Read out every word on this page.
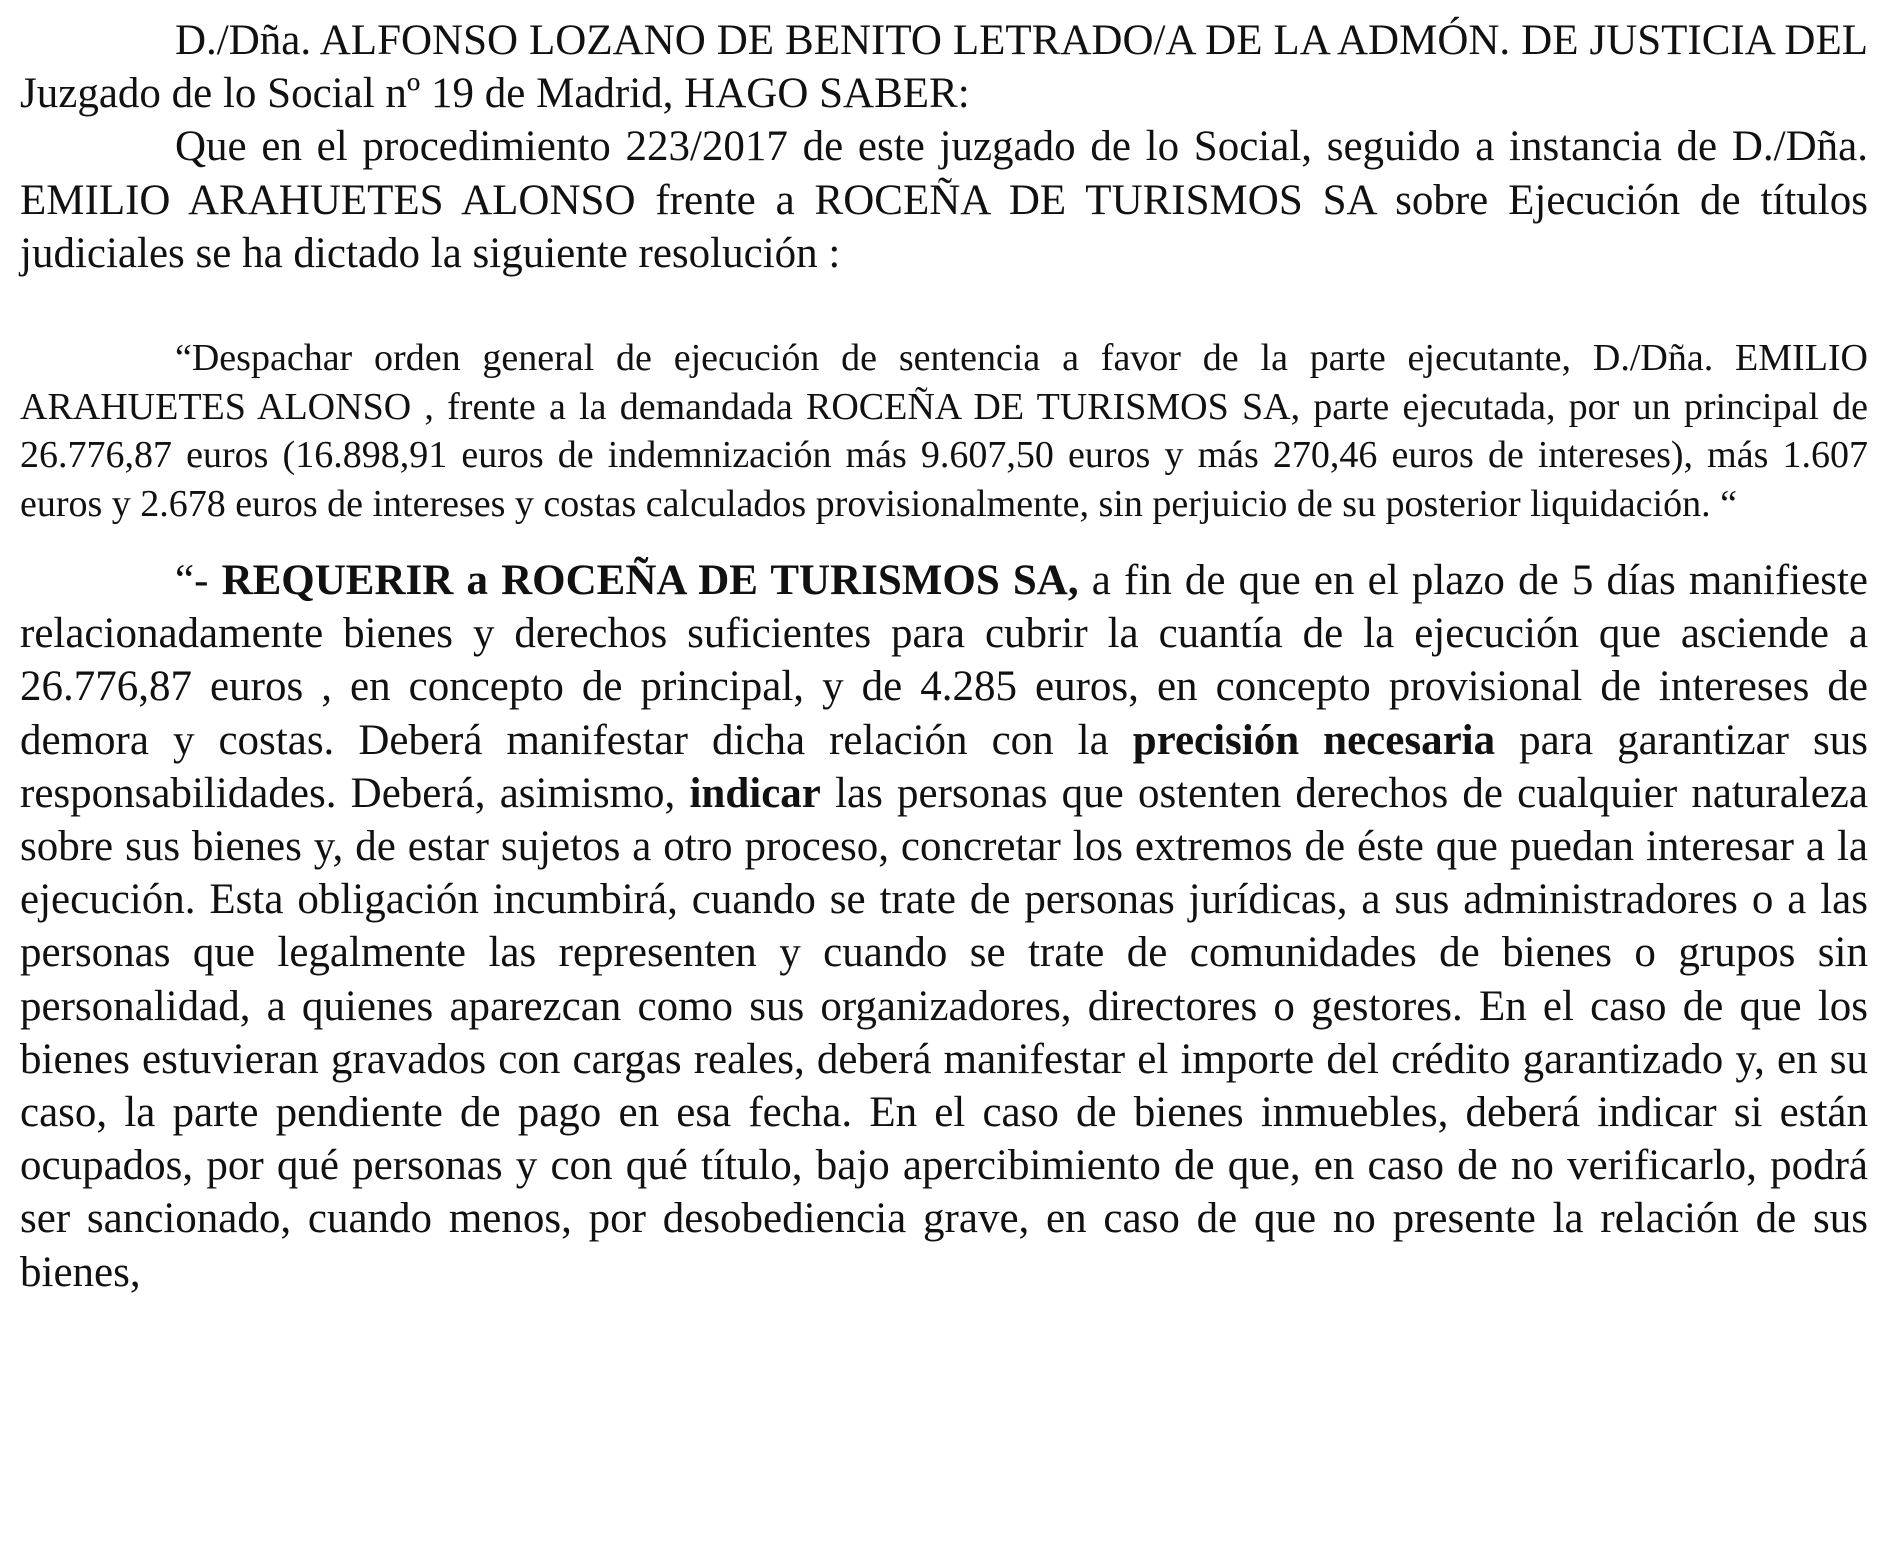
D./Dña. ALFONSO LOZANO DE BENITO LETRADO/A DE LA ADMÓN. DE JUSTICIA DEL Juzgado de lo Social nº 19 de Madrid, HAGO SABER:

Que en el procedimiento 223/2017 de este juzgado de lo Social, seguido a instancia de D./Dña. EMILIO ARAHUETES ALONSO frente a ROCEÑA DE TURISMOS SA sobre Ejecución de títulos judiciales se ha dictado la siguiente resolución :

“Despachar orden general de ejecución de sentencia a favor de la parte ejecutante, D./Dña. EMILIO ARAHUETES ALONSO , frente a la demandada ROCEÑA DE TURISMOS SA, parte ejecutada, por un principal de 26.776,87 euros (16.898,91 euros de indemnización más 9.607,50 euros y más 270,46 euros de intereses), más 1.607 euros y 2.678 euros de intereses y costas calculados provisionalmente, sin perjuicio de su posterior liquidación. “

“- REQUERIR a ROCEÑA DE TURISMOS SA, a fin de que en el plazo de 5 días manifieste relacionadamente bienes y derechos suficientes para cubrir la cuantía de la ejecución que asciende a 26.776,87 euros , en concepto de principal, y de 4.285 euros, en concepto provisional de intereses de demora y costas. Deberá manifestar dicha relación con la precisión necesaria para garantizar sus responsabilidades. Deberá, asimismo, indicar las personas que ostenten derechos de cualquier naturaleza sobre sus bienes y, de estar sujetos a otro proceso, concretar los extremos de éste que puedan interesar a la ejecución. Esta obligación incumbirá, cuando se trate de personas jurídicas, a sus administradores o a las personas que legalmente las representen y cuando se trate de comunidades de bienes o grupos sin personalidad, a quienes aparezcan como sus organizadores, directores o gestores. En el caso de que los bienes estuvieran gravados con cargas reales, deberá manifestar el importe del crédito garantizado y, en su caso, la parte pendiente de pago en esa fecha. En el caso de bienes inmuebles, deberá indicar si están ocupados, por qué personas y con qué título, bajo apercibimiento de que, en caso de no verificarlo, podrá ser sancionado, cuando menos, por desobediencia grave, en caso de que no presente la relación de sus bienes,
